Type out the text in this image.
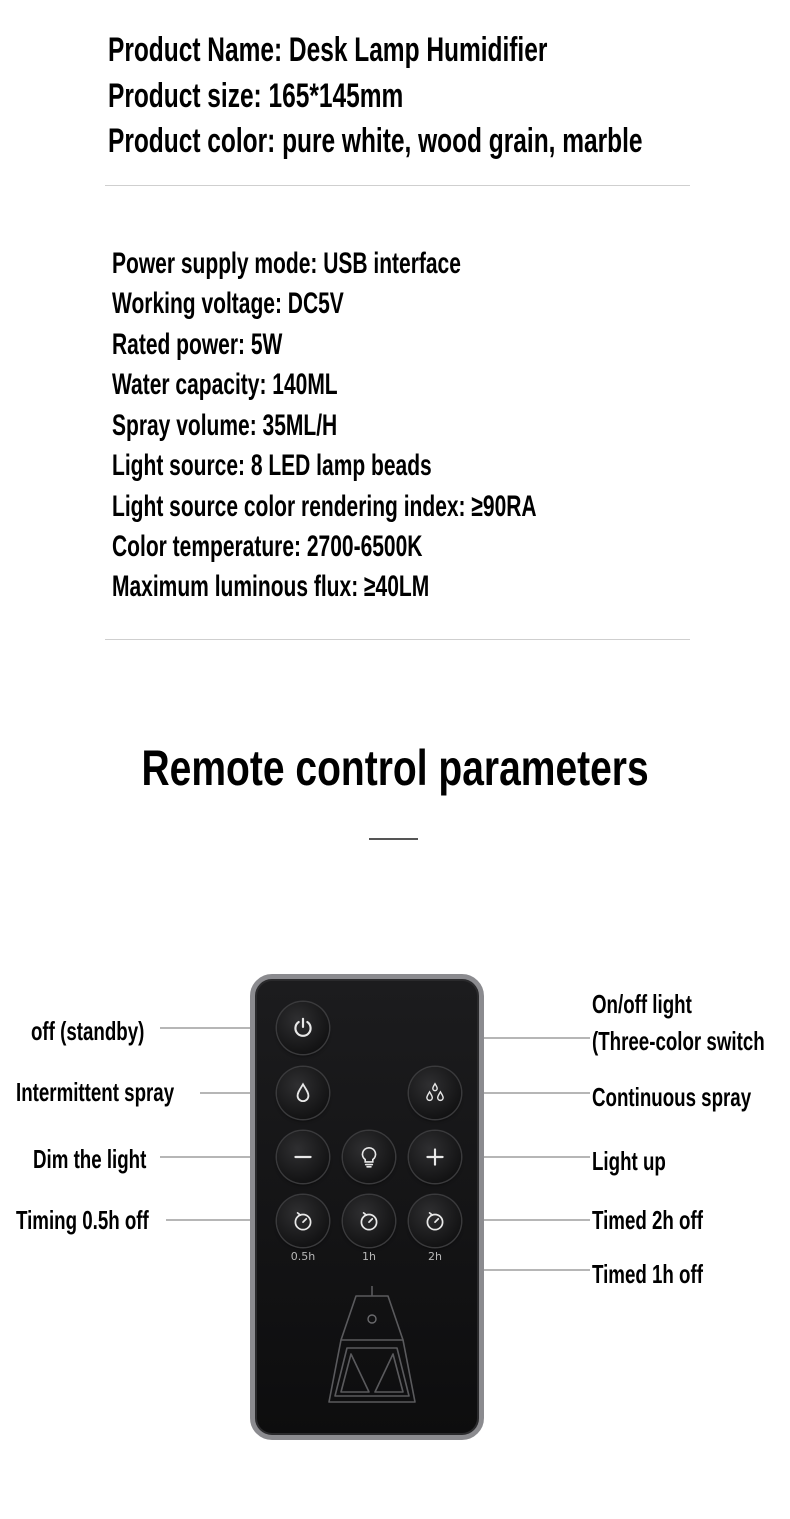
Product Name: Desk Lamp Humidifier
Product size: 165*145mm
Product color: pure white, wood grain, marble
Power supply mode: USB interface
Working voltage: DC5V
Rated power: 5W
Water capacity: 140ML
Spray volume: 35ML/H
Light source: 8 LED lamp beads
Light source color rendering index: ≥90RA
Color temperature: 2700-6500K
Maximum luminous flux: ≥40LM
Remote control parameters
off (standby)
Intermittent spray
Dim the light
Timing 0.5h off
On/off light
(Three-color switch
Continuous spray
Light up
Timed 2h off
Timed 1h off
0.5h	1h	2h
